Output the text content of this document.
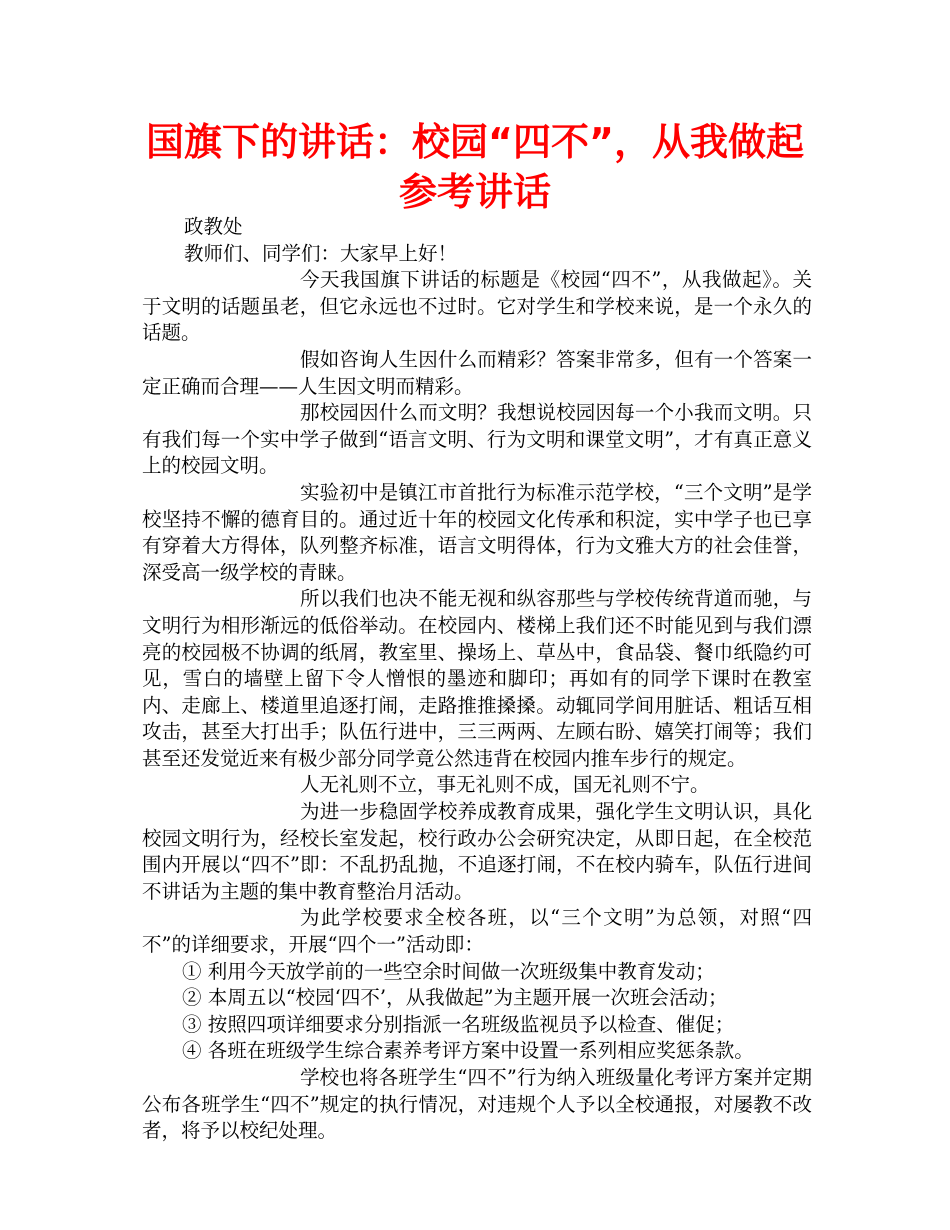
国旗下的讲话：校园“四不”，从我做起
参考讲话

政教处

教师们、同学们：大家早上好！

今天我国旗下讲话的标题是《校园“四不”，从我做起》。关于文明的话题虽老，但它永远也不过时。它对学生和学校来说，是一个永久的话题。

假如咨询人生因什么而精彩？答案非常多，但有一个答案一定正确而合理——人生因文明而精彩。

那校园因什么而文明？我想说校园因每一个小我而文明。只有我们每一个实中学子做到“语言文明、行为文明和课堂文明”，才有真正意义上的校园文明。

实验初中是镇江市首批行为标准示范学校，“三个文明”是学校坚持不懈的德育目的。通过近十年的校园文化传承和积淀，实中学子也已享有穿着大方得体，队列整齐标准，语言文明得体，行为文雅大方的社会佳誉，深受高一级学校的青睐。

所以我们也决不能无视和纵容那些与学校传统背道而驰，与文明行为相形渐远的低俗举动。在校园内、楼梯上我们还不时能见到与我们漂亮的校园极不协调的纸屑，教室里、操场上、草丛中，食品袋、餐巾纸隐约可见，雪白的墙壁上留下令人憎恨的墨迹和脚印；再如有的同学下课时在教室内、走廊上、楼道里追逐打闹，走路推推搡搡。动辄同学间用脏话、粗话互相攻击，甚至大打出手；队伍行进中，三三两两、左顾右盼、嬉笑打闹等；我们甚至还发觉近来有极少部分同学竟公然违背在校园内推车步行的规定。

人无礼则不立，事无礼则不成，国无礼则不宁。

为进一步稳固学校养成教育成果，强化学生文明认识，具化校园文明行为，经校长室发起，校行政办公会研究决定，从即日起，在全校范围内开展以“四不”即：不乱扔乱抛，不追逐打闹，不在校内骑车，队伍行进间不讲话为主题的集中教育整治月活动。

为此学校要求全校各班，以“三个文明”为总领，对照“四不”的详细要求，开展“四个一”活动即：

① 利用今天放学前的一些空余时间做一次班级集中教育发动；

② 本周五以“校园‘四不’，从我做起”为主题开展一次班会活动；

③ 按照四项详细要求分别指派一名班级监视员予以检查、催促；

④ 各班在班级学生综合素养考评方案中设置一系列相应奖惩条款。

学校也将各班学生“四不”行为纳入班级量化考评方案并定期公布各班学生“四不”规定的执行情况，对违规个人予以全校通报，对屡教不改者，将予以校纪处理。
